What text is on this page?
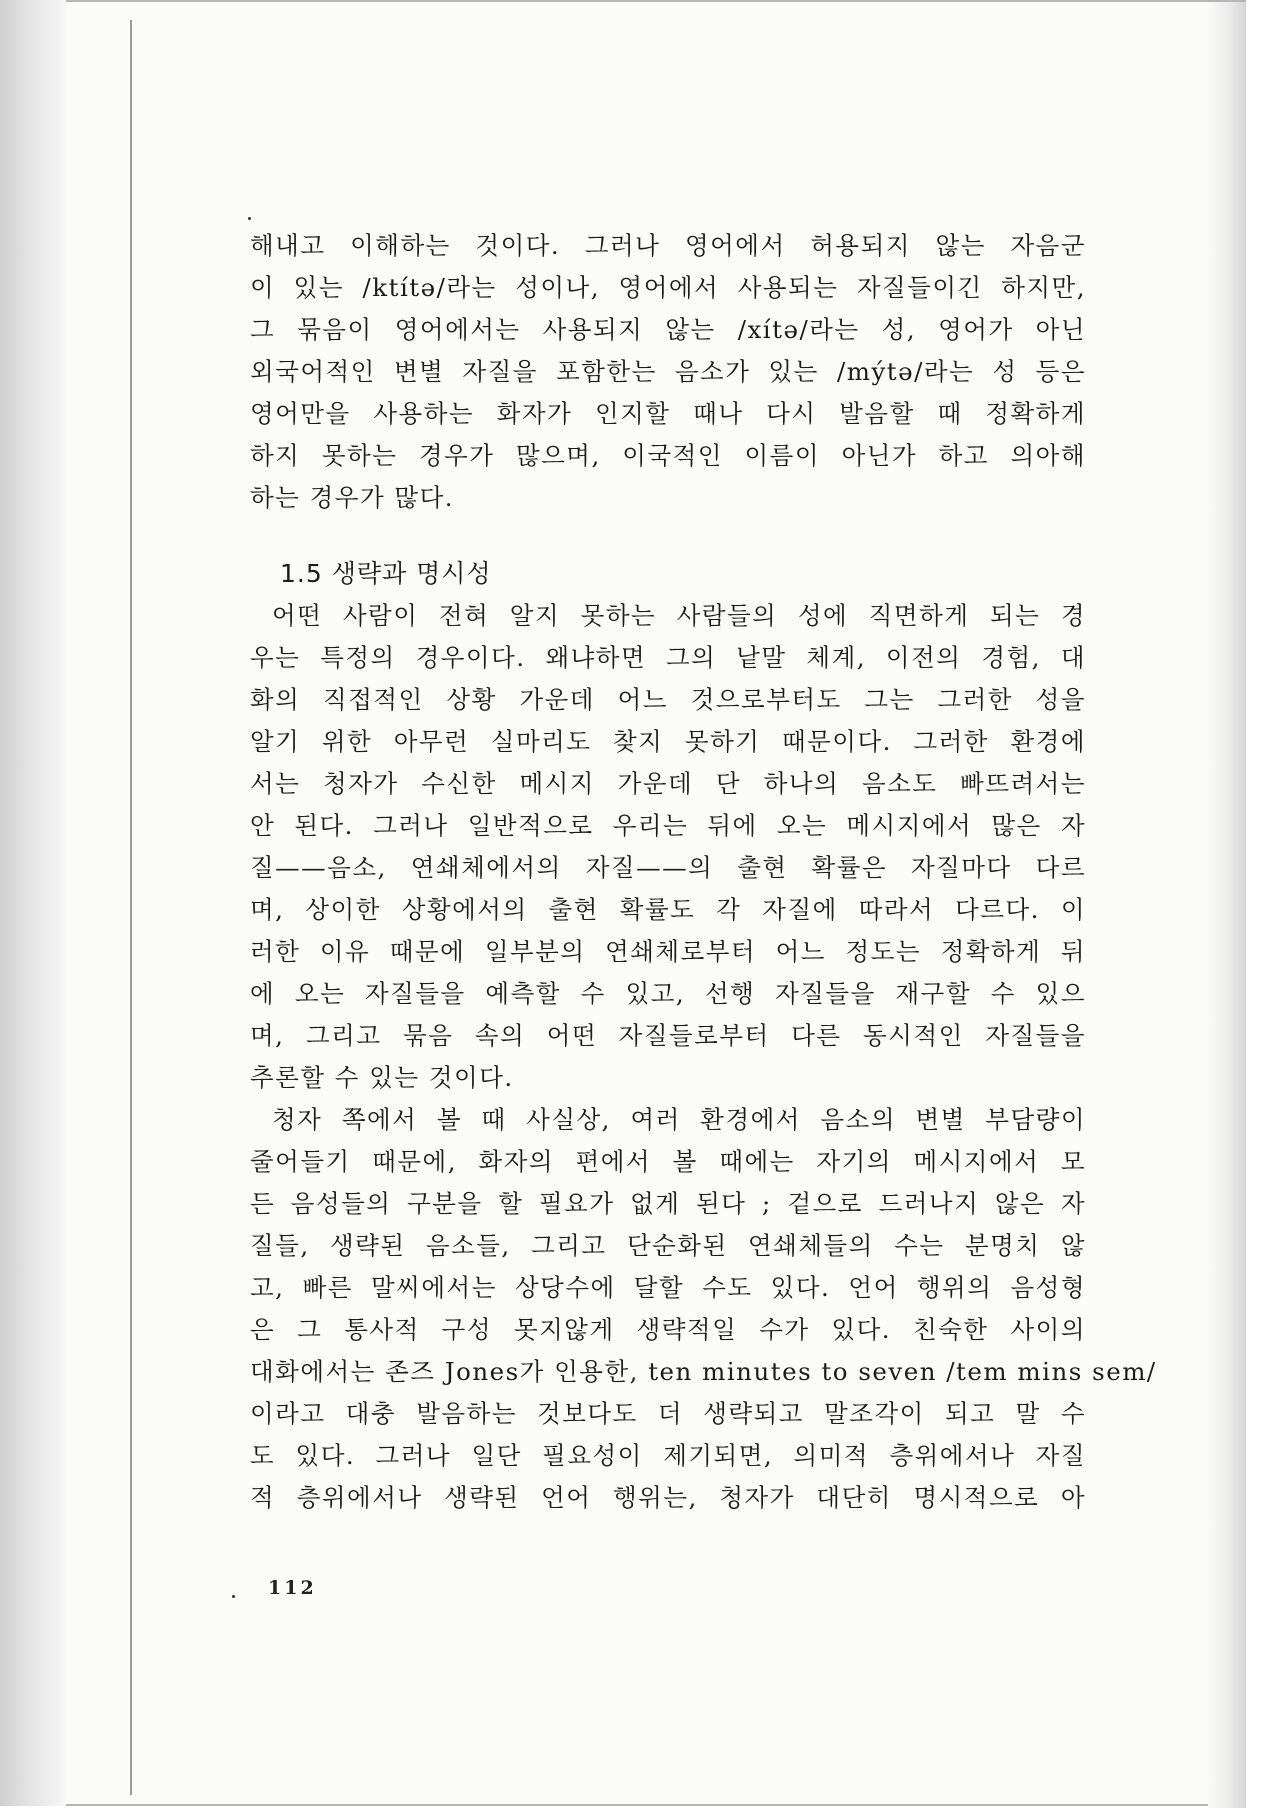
해내고 이해하는 것이다. 그러나 영어에서 허용되지 않는 자음군
이 있는 /ktítə/라는 성이나, 영어에서 사용되는 자질들이긴 하지만,
그 묶음이 영어에서는 사용되지 않는 /xítə/라는 성, 영어가 아닌
외국어적인 변별 자질을 포함한는 음소가 있는 /mýtə/라는 성 등은
영어만을 사용하는 화자가 인지할 때나 다시 발음할 때 정확하게
하지 못하는 경우가 많으며, 이국적인 이름이 아닌가 하고 의아해
하는 경우가 많다.
1.5 생략과 명시성
어떤 사람이 전혀 알지 못하는 사람들의 성에 직면하게 되는 경
우는 특정의 경우이다. 왜냐하면 그의 낱말 체계, 이전의 경험, 대
화의 직접적인 상황 가운데 어느 것으로부터도 그는 그러한 성을
알기 위한 아무런 실마리도 찾지 못하기 때문이다. 그러한 환경에
서는 청자가 수신한 메시지 가운데 단 하나의 음소도 빠뜨려서는
안 된다. 그러나 일반적으로 우리는 뒤에 오는 메시지에서 많은 자
질——음소, 연쇄체에서의 자질——의 출현 확률은 자질마다 다르
며, 상이한 상황에서의 출현 확률도 각 자질에 따라서 다르다. 이
러한 이유 때문에 일부분의 연쇄체로부터 어느 정도는 정확하게 뒤
에 오는 자질들을 예측할 수 있고, 선행 자질들을 재구할 수 있으
며, 그리고 묶음 속의 어떤 자질들로부터 다른 동시적인 자질들을
추론할 수 있는 것이다.
청자 쪽에서 볼 때 사실상, 여러 환경에서 음소의 변별 부담량이
줄어들기 때문에, 화자의 편에서 볼 때에는 자기의 메시지에서 모
든 음성들의 구분을 할 필요가 없게 된다 ; 겉으로 드러나지 않은 자
질들, 생략된 음소들, 그리고 단순화된 연쇄체들의 수는 분명치 않
고, 빠른 말씨에서는 상당수에 달할 수도 있다. 언어 행위의 음성형
은 그 통사적 구성 못지않게 생략적일 수가 있다. 친숙한 사이의
대화에서는 존즈 Jones가 인용한, ten minutes to seven /tem mins sem/
이라고 대충 발음하는 것보다도 더 생략되고 말조각이 되고 말 수
도 있다. 그러나 일단 필요성이 제기되면, 의미적 층위에서나 자질
적 층위에서나 생략된 언어 행위는, 청자가 대단히 명시적으로 아
112
